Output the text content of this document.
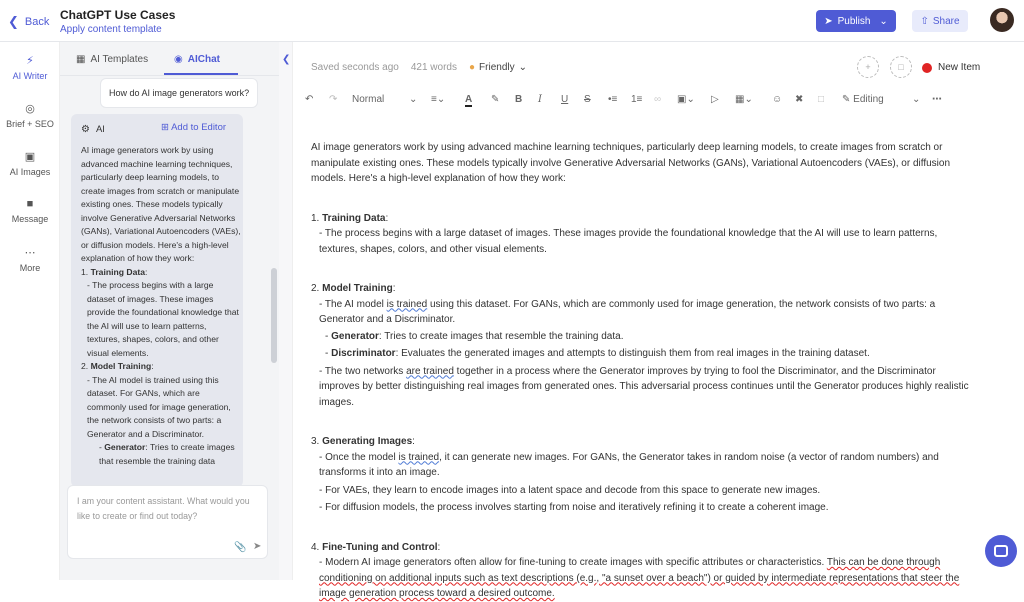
❮ Back ChatGPT Use Cases
Apply content template
➤ Publish ⌄	⇧ Share
⚡
AI Writer
◎
Brief + SEO
▣
AI Images
■
Message
⋯
More
▦ AI Templates	◉ AIChat
How do AI image generators work?
⚙ AI	⊞ Add to Editor

AI image generators work by using advanced machine learning techniques, particularly deep learning models, to create images from scratch or manipulate existing ones. These models typically involve Generative Adversarial Networks (GANs), Variational Autoencoders (VAEs), or diffusion models. Here's a high-level explanation of how they work:

1. Training Data:

- The process begins with a large dataset of images. These images provide the foundational knowledge that the AI will use to learn patterns, textures, shapes, colors, and other visual elements.

2. Model Training:

- The AI model is trained using this dataset. For GANs, which are commonly used for image generation, the network consists of two parts: a Generator and a Discriminator.

- Generator: Tries to create images that resemble the training data

I am your content assistant. What would you like to create or find out today?
📎 ➤
❮
Saved seconds ago 421 words ● Friendly ⌄	+	□	New Item
↶ ↷ Normal ⌄ ≡⌄ A ✎ B I U S •≡ 1≡ ∞ ▣⌄ ▷ ▦⌄ ☺ ✖ □ ✎ Editing	⌄ ⋯

AI image generators work by using advanced machine learning techniques, particularly deep learning models, to create images from scratch or manipulate existing ones. These models typically involve Generative Adversarial Networks (GANs), Variational Autoencoders (VAEs), or diffusion models. Here's a high-level explanation of how they work:

1. Training Data:

- The process begins with a large dataset of images. These images provide the foundational knowledge that the AI will use to learn patterns, textures, shapes, colors, and other visual elements.

2. Model Training:

- The AI model is trained using this dataset. For GANs, which are commonly used for image generation, the network consists of two parts: a Generator and a Discriminator.

- Generator: Tries to create images that resemble the training data.

- Discriminator: Evaluates the generated images and attempts to distinguish them from real images in the training dataset.

- The two networks are trained together in a process where the Generator improves by trying to fool the Discriminator, and the Discriminator improves by better distinguishing real images from generated ones. This adversarial process continues until the Generator produces highly realistic images.

3. Generating Images:

- Once the model is trained, it can generate new images. For GANs, the Generator takes in random noise (a vector of random numbers) and transforms it into an image.

- For VAEs, they learn to encode images into a latent space and decode from this space to generate new images.

- For diffusion models, the process involves starting from noise and iteratively refining it to create a coherent image.

4. Fine-Tuning and Control:

- Modern AI image generators often allow for fine-tuning to create images with specific attributes or characteristics. This can be done through conditioning on additional inputs such as text descriptions (e.g., "a sunset over a beach") or guided by intermediate representations that steer the image generation process toward a desired outcome.
